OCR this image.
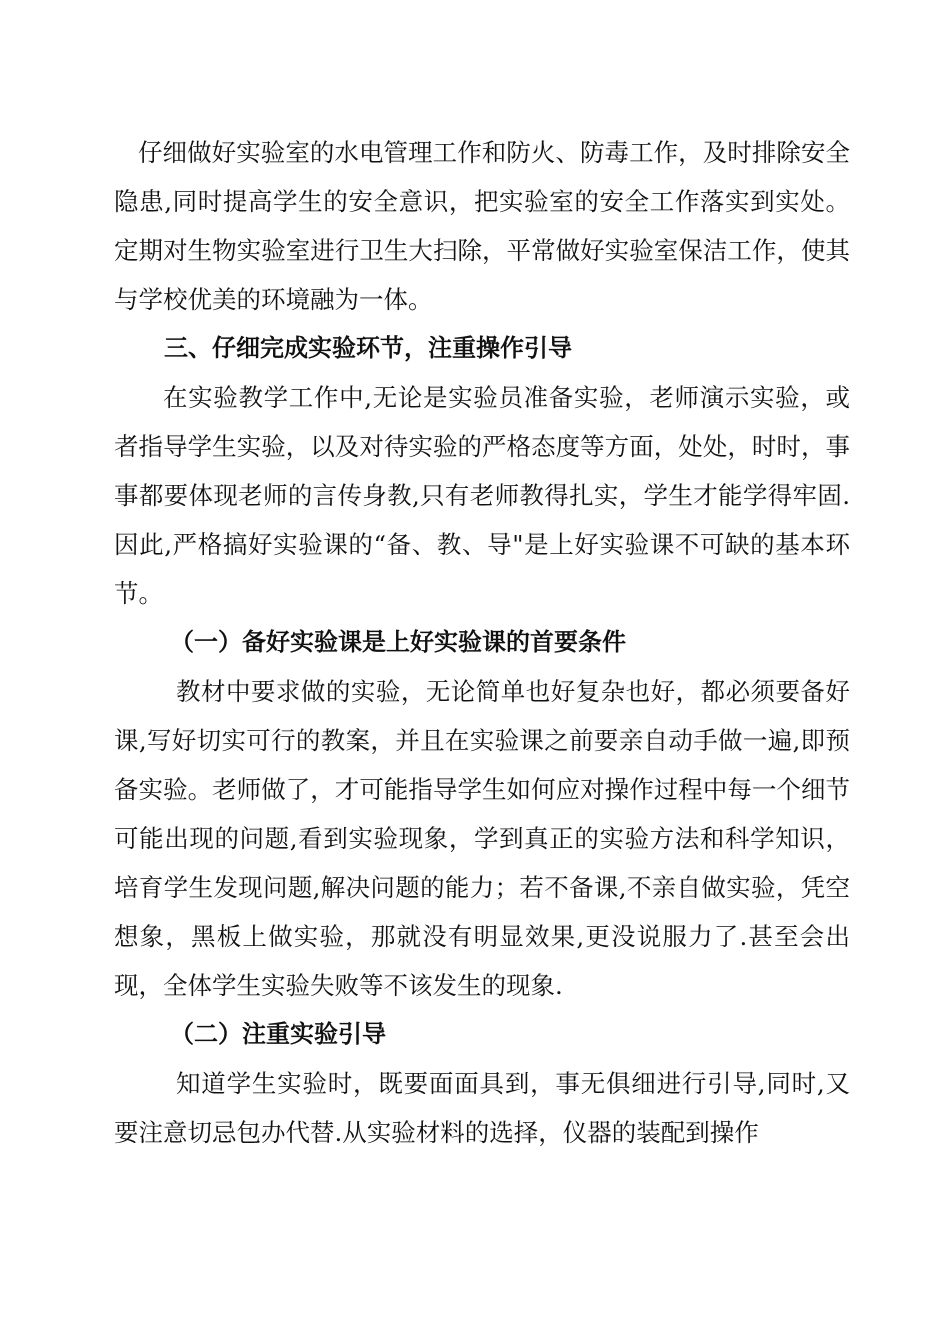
仔细做好实验室的水电管理工作和防火、防毒工作，及时排除安全隐患,同时提高学生的安全意识，把实验室的安全工作落实到实处。定期对生物实验室进行卫生大扫除，平常做好实验室保洁工作，使其与学校优美的环境融为一体。

三、仔细完成实验环节，注重操作引导

在实验教学工作中,无论是实验员准备实验，老师演示实验，或者指导学生实验，以及对待实验的严格态度等方面，处处，时时，事事都要体现老师的言传身教,只有老师教得扎实，学生才能学得牢固.因此,严格搞好实验课的“备、教、导"是上好实验课不可缺的基本环节。

（一）备好实验课是上好实验课的首要条件

教材中要求做的实验，无论简单也好复杂也好，都必须要备好课,写好切实可行的教案，并且在实验课之前要亲自动手做一遍,即预备实验。老师做了，才可能指导学生如何应对操作过程中每一个细节可能出现的问题,看到实验现象，学到真正的实验方法和科学知识，培育学生发现问题,解决问题的能力；若不备课,不亲自做实验，凭空想象，黑板上做实验，那就没有明显效果,更没说服力了.甚至会出现，全体学生实验失败等不该发生的现象.

（二）注重实验引导

知道学生实验时，既要面面具到，事无俱细进行引导,同时,又要注意切忌包办代替.从实验材料的选择，仪器的装配到操作
